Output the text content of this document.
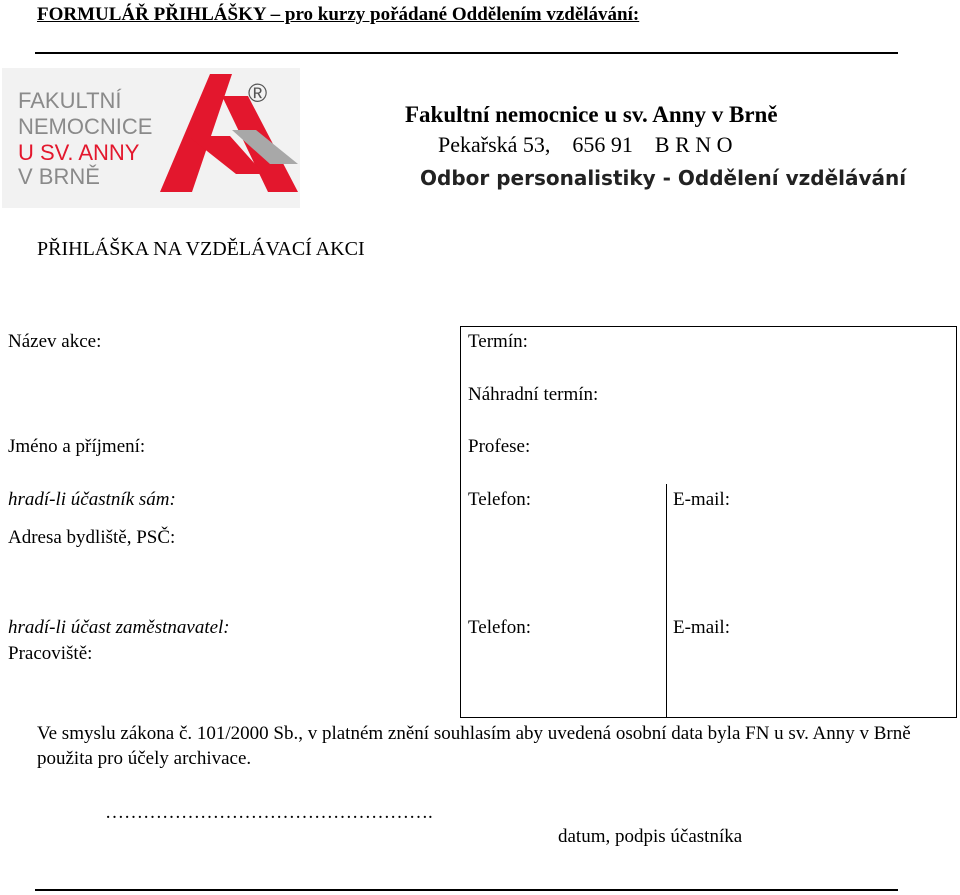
FORMULÁŘ PŘIHLÁŠKY – pro kurzy pořádané Oddělením vzdělávání:
FAKULTNÍ
NEMOCNICE
U SV. ANNY
V BRNĚ
®
Fakultní nemocnice u sv. Anny v Brně
Pekařská 53,    656 91    B R N O
Odbor personalistiky - Oddělení vzdělávání
PŘIHLÁŠKA NA VZDĚLÁVACÍ AKCI
Název akce:	Termín:
Náhradní termín:
Jméno a příjmení:	Profese:
hradí-li účastník sám:	Telefon:	E-mail:
Adresa bydliště, PSČ:
hradí-li účast zaměstnavatel:	Telefon:	E-mail:
Pracoviště:
Ve smyslu zákona č. 101/2000 Sb., v platném znění souhlasím aby uvedená osobní data byla FN u sv. Anny v Brně použita pro účely archivace.
…………………………………………….
datum, podpis účastníka
